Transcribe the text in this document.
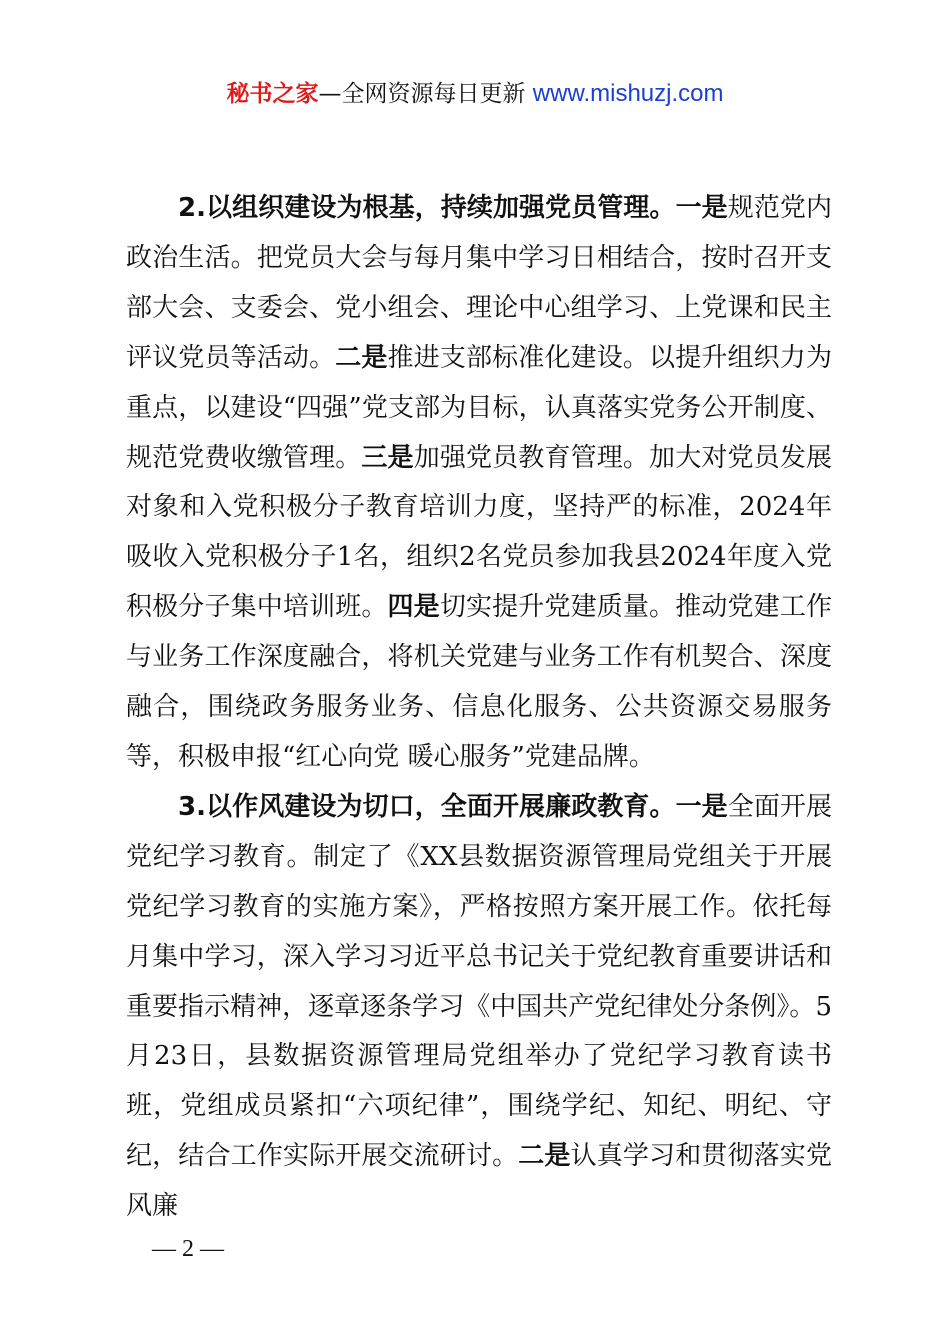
秘书之家—全网资源每日更新 www.mishuzj.com

2.以组织建设为根基，持续加强党员管理。一是规范党内政治生活。把党员大会与每月集中学习日相结合，按时召开支部大会、支委会、党小组会、理论中心组学习、上党课和民主评议党员等活动。二是推进支部标准化建设。以提升组织力为重点，以建设“四强”党支部为目标，认真落实党务公开制度、规范党费收缴管理。三是加强党员教育管理。加大对党员发展对象和入党积极分子教育培训力度，坚持严的标准，2024年吸收入党积极分子1名，组织2名党员参加我县2024年度入党积极分子集中培训班。四是切实提升党建质量。推动党建工作与业务工作深度融合，将机关党建与业务工作有机契合、深度融合，围绕政务服务业务、信息化服务、公共资源交易服务等，积极申报“红心向党 暖心服务”党建品牌。

3.以作风建设为切口，全面开展廉政教育。一是全面开展党纪学习教育。制定了《XX县数据资源管理局党组关于开展党纪学习教育的实施方案》，严格按照方案开展工作。依托每月集中学习，深入学习习近平总书记关于党纪教育重要讲话和重要指示精神，逐章逐条学习《中国共产党纪律处分条例》。5月23日，县数据资源管理局党组举办了党纪学习教育读书班，党组成员紧扣“六项纪律”，围绕学纪、知纪、明纪、守纪，结合工作实际开展交流研讨。二是认真学习和贯彻落实党风廉

— 2 —
